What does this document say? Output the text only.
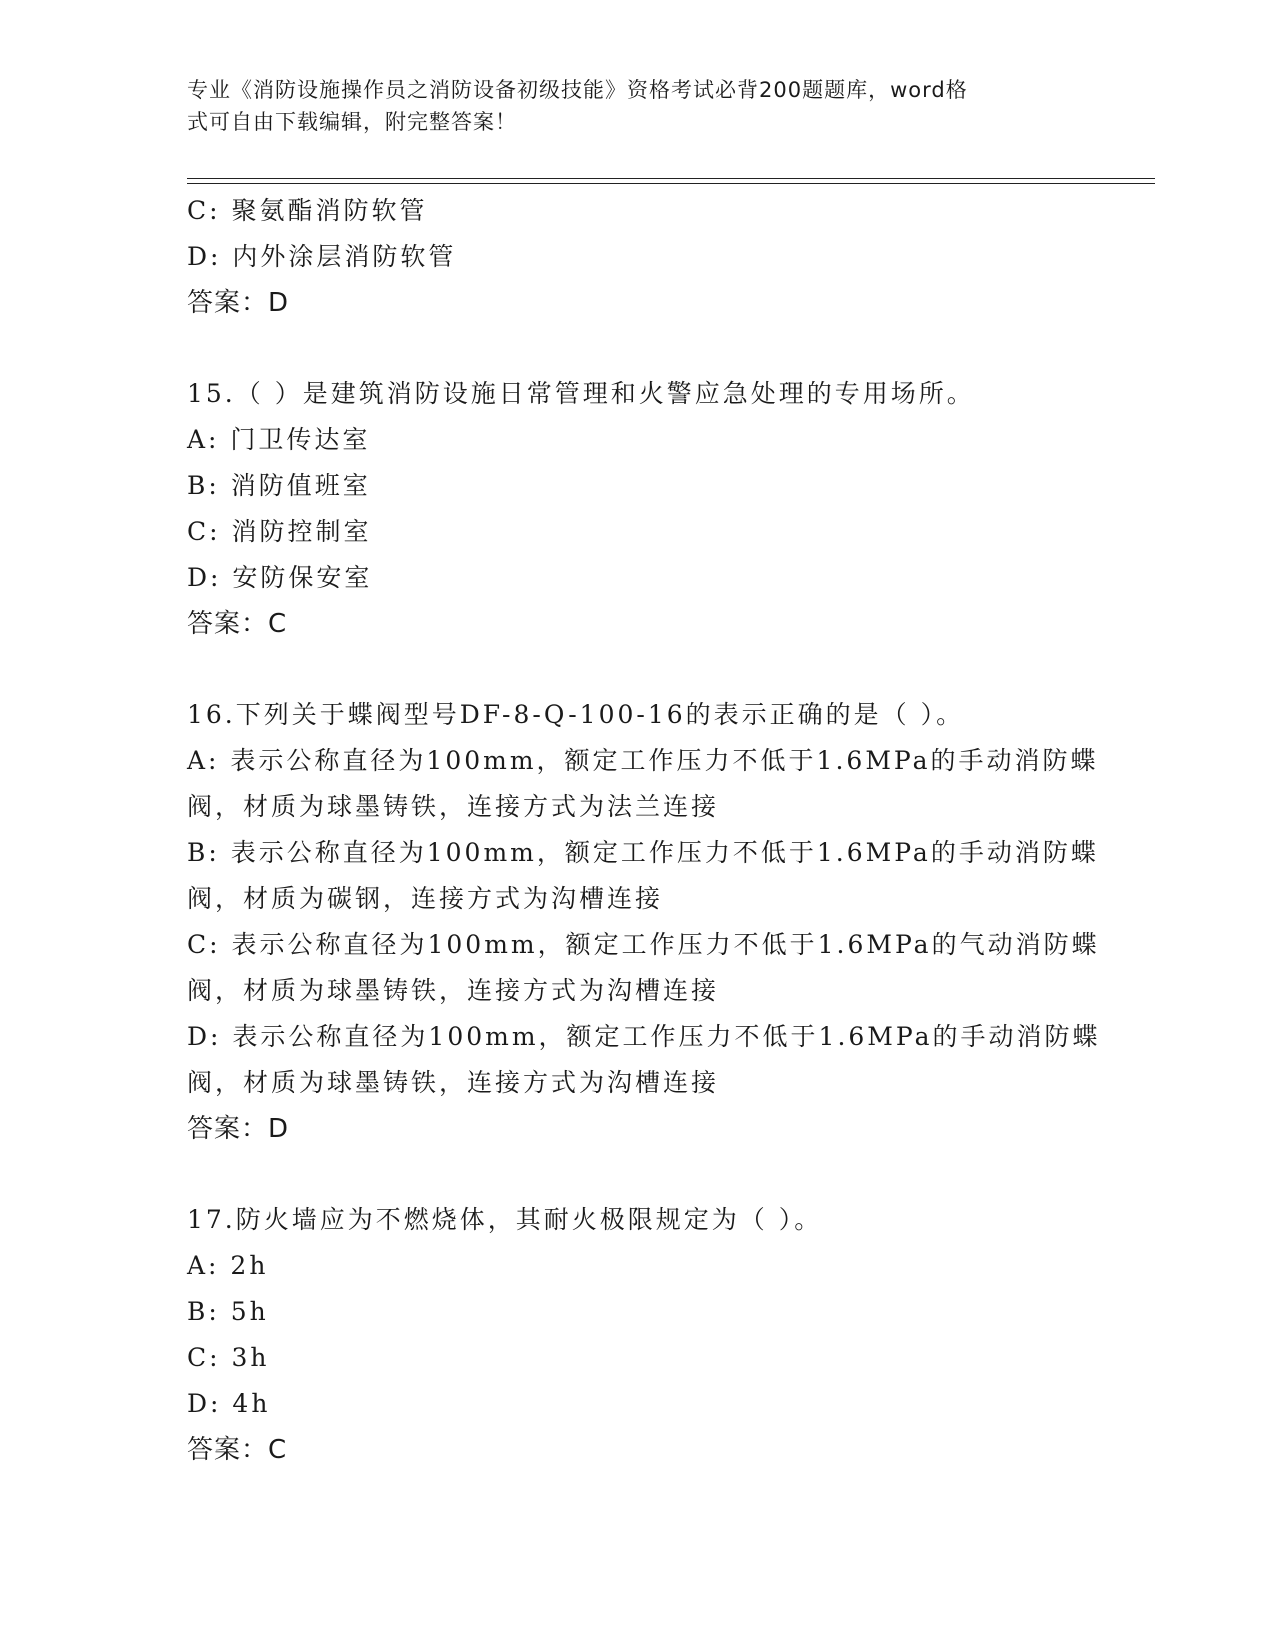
专业《消防设施操作员之消防设备初级技能》资格考试必背200题题库，word格
式可自由下载编辑，附完整答案！
C: 聚氨酯消防软管
D: 内外涂层消防软管
答案：D
15.（ ）是建筑消防设施日常管理和火警应急处理的专用场所。
A: 门卫传达室
B: 消防值班室
C: 消防控制室
D: 安防保安室
答案：C
16.下列关于蝶阀型号DF-8-Q-100-16的表示正确的是（ ）。
A: 表示公称直径为100mm，额定工作压力不低于1.6MPa的手动消防蝶
阀，材质为球墨铸铁，连接方式为法兰连接
B: 表示公称直径为100mm，额定工作压力不低于1.6MPa的手动消防蝶
阀，材质为碳钢，连接方式为沟槽连接
C: 表示公称直径为100mm，额定工作压力不低于1.6MPa的气动消防蝶
阀，材质为球墨铸铁，连接方式为沟槽连接
D: 表示公称直径为100mm，额定工作压力不低于1.6MPa的手动消防蝶
阀，材质为球墨铸铁，连接方式为沟槽连接
答案：D
17.防火墙应为不燃烧体，其耐火极限规定为（ ）。
A: 2h
B: 5h
C: 3h
D: 4h
答案：C
